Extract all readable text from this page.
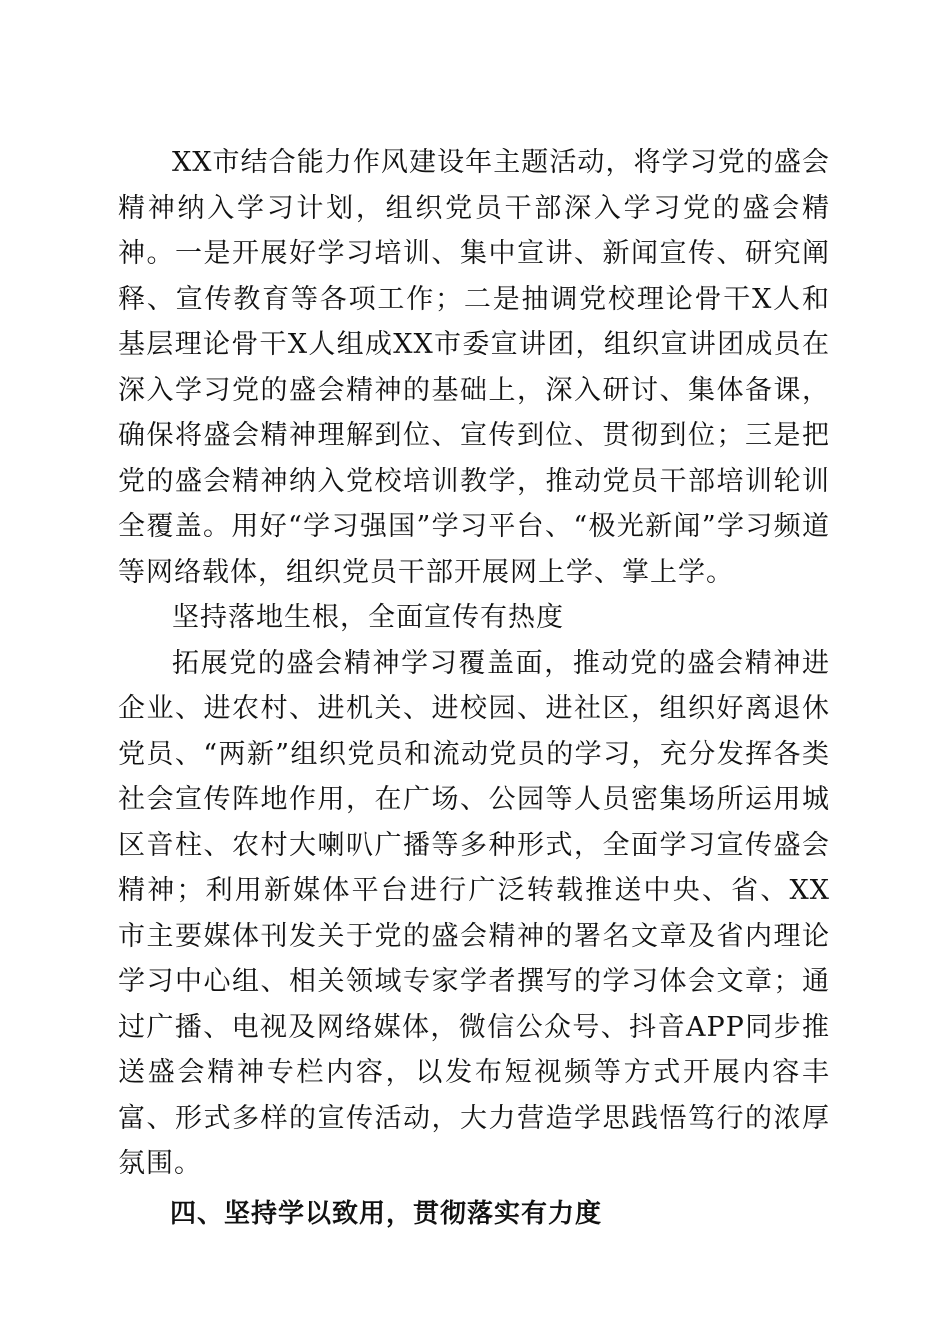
XX市结合能力作风建设年主题活动，将学习党的盛会精神纳入学习计划，组织党员干部深入学习党的盛会精神。一是开展好学习培训、集中宣讲、新闻宣传、研究阐释、宣传教育等各项工作；二是抽调党校理论骨干X人和基层理论骨干X人组成XX市委宣讲团，组织宣讲团成员在深入学习党的盛会精神的基础上，深入研讨、集体备课，确保将盛会精神理解到位、宣传到位、贯彻到位；三是把党的盛会精神纳入党校培训教学，推动党员干部培训轮训全覆盖。用好“学习强国”学习平台、“极光新闻”学习频道等网络载体，组织党员干部开展网上学、掌上学。

坚持落地生根，全面宣传有热度

拓展党的盛会精神学习覆盖面，推动党的盛会精神进企业、进农村、进机关、进校园、进社区，组织好离退休党员、“两新”组织党员和流动党员的学习，充分发挥各类社会宣传阵地作用，在广场、公园等人员密集场所运用城区音柱、农村大喇叭广播等多种形式，全面学习宣传盛会精神；利用新媒体平台进行广泛转载推送中央、省、XX市主要媒体刊发关于党的盛会精神的署名文章及省内理论学习中心组、相关领域专家学者撰写的学习体会文章；通过广播、电视及网络媒体，微信公众号、抖音APP同步推送盛会精神专栏内容，以发布短视频等方式开展内容丰富、形式多样的宣传活动，大力营造学思践悟笃行的浓厚氛围。

四、坚持学以致用，贯彻落实有力度
